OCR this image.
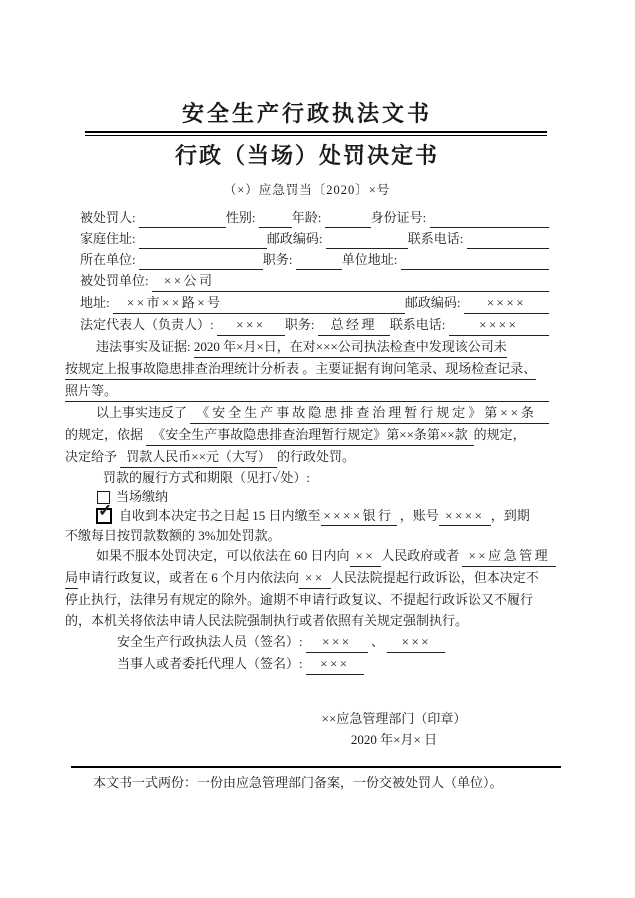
安全生产行政执法文书
行政（当场）处罚决定书
（×）应急罚当〔2020〕×号
被处罚人:	性别:	年龄:	身份证号:
家庭住址:	邮政编码:	联系电话:
所在单位:	职务:	单位地址:
被处罚单位: ××公司
地址:	××市××路×号	邮政编码:	××××
法定代表人（负责人）:	×××	职务: 总经理 联系电话:	××××
违法事实及证据: 2020 年×月×日，在对×××公司执法检查中发现该公司未
按规定上报事故隐患排查治理统计分析表 。主要证据有询问笔录、现场检查记录、
照片等。
以上事实违反了 《安全生产事故隐患排查治理暂行规定》第××条
的规定，依据 《安全生产事故隐患排查治理暂行规定》第××条第××款 的规定，
决定给予 罚款人民币××元（大写） 的行政处罚。
罚款的履行方式和期限（见打✓处）:
当场缴纳
✓ 自收到本决定书之日起 15 日内缴至 ××××银行 ，账号 ×××× ，到期
不缴每日按罚款数额的 3%加处罚款。
如果不服本处罚决定，可以依法在 60 日内向 ×× 人民政府或者 ××应急管理
局 申请行政复议，或者在 6 个月内依法向 ×× 人民法院提起行政诉讼，但本决定不
停止执行，法律另有规定的除外。逾期不申请行政复议、不提起行政诉讼又不履行
的，本机关将依法申请人民法院强制执行或者依照有关规定强制执行。
安全生产行政执法人员（签名）:	×××	、	×××
当事人或者委托代理人（签名）:	×××
××应急管理部门（印章）
2020 年×月× 日
本文书一式两份：一份由应急管理部门备案，一份交被处罚人（单位）。
